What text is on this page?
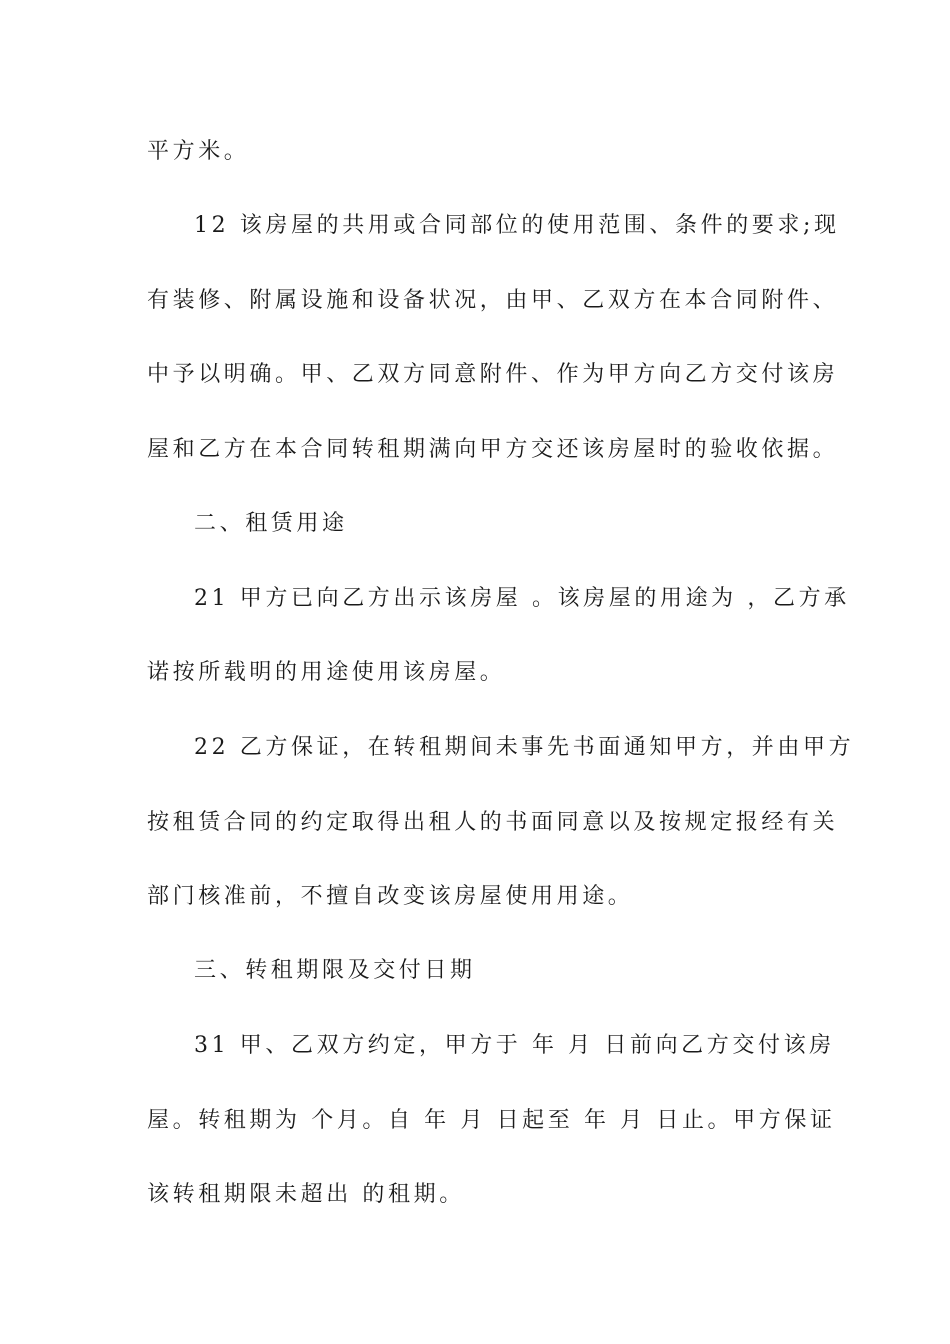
平方米。
12 该房屋的共用或合同部位的使用范围、条件的要求;现
有装修、附属设施和设备状况，由甲、乙双方在本合同附件、
中予以明确。甲、乙双方同意附件、作为甲方向乙方交付该房
屋和乙方在本合同转租期满向甲方交还该房屋时的验收依据。
二、租赁用途
21 甲方已向乙方出示该房屋 。该房屋的用途为 ，乙方承
诺按所载明的用途使用该房屋。
22 乙方保证，在转租期间未事先书面通知甲方，并由甲方
按租赁合同的约定取得出租人的书面同意以及按规定报经有关
部门核准前，不擅自改变该房屋使用用途。
三、转租期限及交付日期
31 甲、乙双方约定，甲方于 年 月 日前向乙方交付该房
屋。转租期为 个月。自 年 月 日起至 年 月 日止。甲方保证
该转租期限未超出 的租期。
